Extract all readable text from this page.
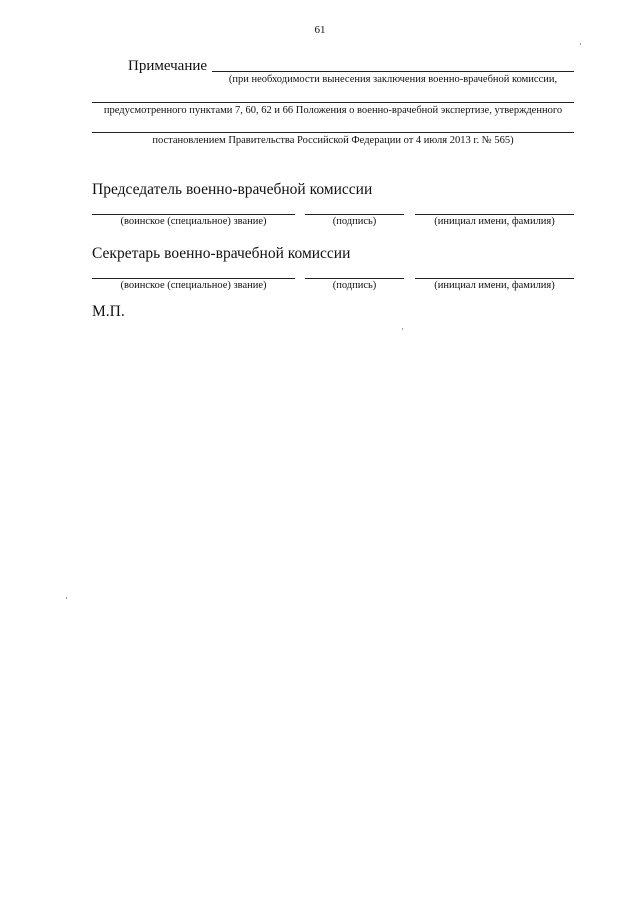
61
Примечание
(при необходимости вынесения заключения военно-врачебной комиссии,
предусмотренного пунктами 7, 60, 62 и 66 Положения о военно-врачебной экспертизе, утвержденного
постановлением Правительства Российской Федерации от 4 июля 2013 г. № 565)
Председатель военно-врачебной комиссии
(воинское (специальное) звание)	(подпись)	(инициал имени, фамилия)
Секретарь военно-врачебной комиссии
(воинское (специальное) звание)	(подпись)	(инициал имени, фамилия)
М.П.
